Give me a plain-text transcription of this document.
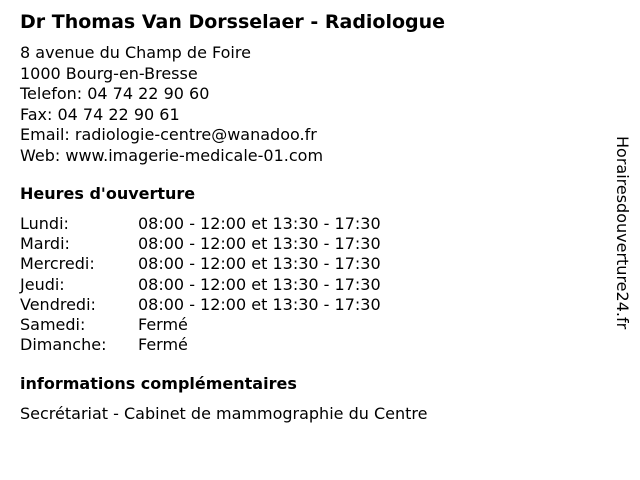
Dr Thomas Van Dorsselaer - Radiologue
8 avenue du Champ de Foire
1000 Bourg-en-Bresse
Telefon: 04 74 22 90 60
Fax: 04 74 22 90 61
Email: radiologie-centre@wanadoo.fr
Web: www.imagerie-medicale-01.com
Heures d'ouverture
Lundi:	08:00 - 12:00 et 13:30 - 17:30
Mardi:	08:00 - 12:00 et 13:30 - 17:30
Mercredi:	08:00 - 12:00 et 13:30 - 17:30
Jeudi:	08:00 - 12:00 et 13:30 - 17:30
Vendredi:	08:00 - 12:00 et 13:30 - 17:30
Samedi:	Fermé
Dimanche:	Fermé
informations complémentaires
Secrétariat - Cabinet de mammographie du Centre
Horairesdouverture24.fr
